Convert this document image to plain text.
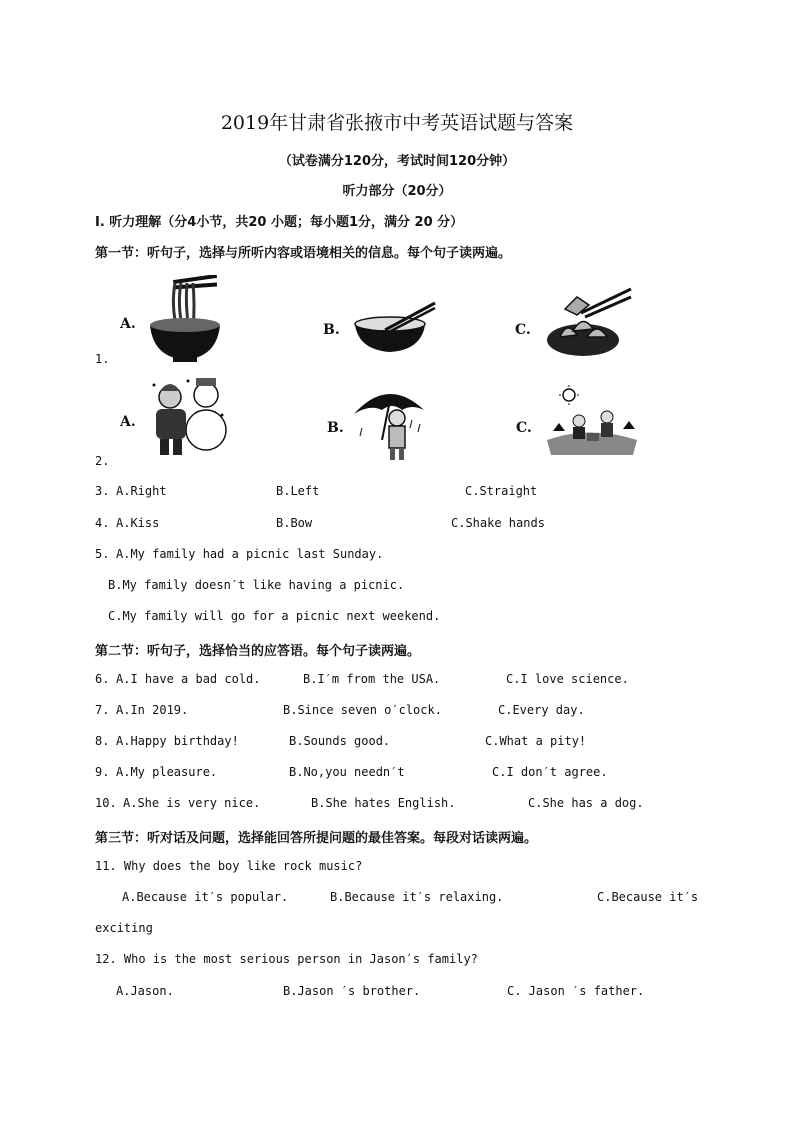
2019年甘肃省张掖市中考英语试题与答案
（试卷满分120分，考试时间120分钟）
听力部分（20分）
I. 听力理解（分4小节，共20 小题；每小题1分，满分 20 分）
第一节：听句子，选择与所听内容或语境相关的信息。每个句子读两遍。
A.	B.	C.
1.
A.	B.	C.
2.
3. A.Right	B.Left	C.Straight
4. A.Kiss	B.Bow	C.Shake hands
5. A.My family had a picnic last Sunday.
B.My family doesn′t like having a picnic.
C.My family will go for a picnic next weekend.
第二节：听句子，选择恰当的应答语。每个句子读两遍。
6. A.I have a bad cold.	B.I′m from the USA.	C.I love science.
7. A.In 2019.	B.Since seven o′clock.	C.Every day.
8. A.Happy birthday!	B.Sounds good.	C.What a pity!
9. A.My pleasure.	B.No,you needn′t	C.I don′t agree.
10. A.She is very nice.	B.She hates English.	C.She has a dog.
第三节：听对话及问题，选择能回答所提问题的最佳答案。每段对话读两遍。
11. Why does the boy like rock music?
A.Because it′s popular.	B.Because it′s relaxing.	C.Because it′s
exciting
12. Who is the most serious person in Jason′s family?
A.Jason.	B.Jason ′s brother.	C. Jason ′s father.
